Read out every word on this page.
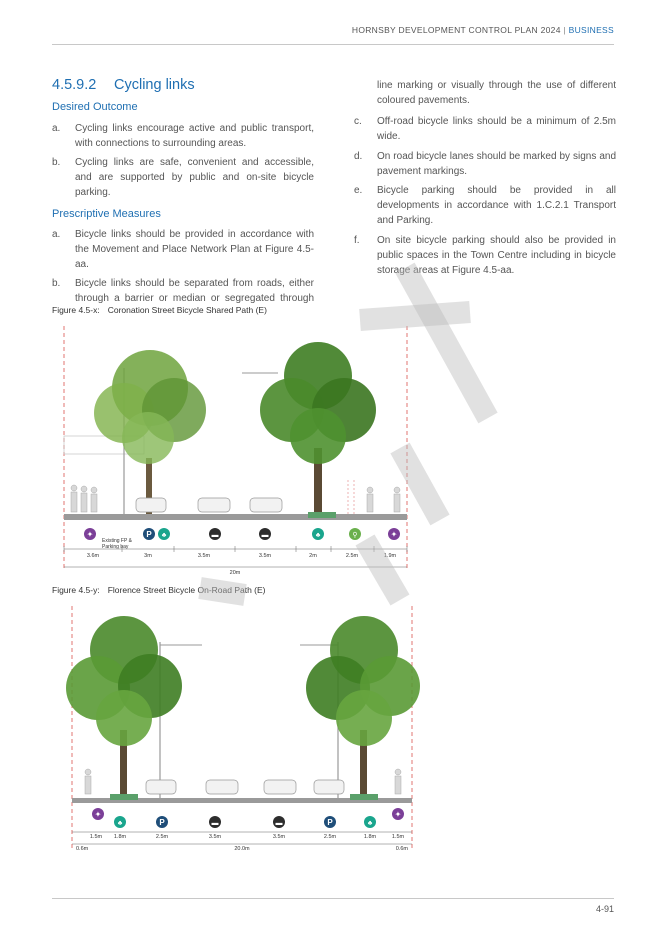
HORNSBY DEVELOPMENT CONTROL PLAN 2024 | BUSINESS
4.5.9.2 Cycling links
Desired Outcome
a. Cycling links encourage active and public transport, with connections to surrounding areas.
b. Cycling links are safe, convenient and accessible, and are supported by public and on-site bicycle parking.
Prescriptive Measures
a. Bicycle links should be provided in accordance with the Movement and Place Network Plan at Figure 4.5-aa.
b. Bicycle links should be separated from roads, either through a barrier or median or segregated through
line marking or visually through the use of different coloured pavements.
c. Off-road bicycle links should be a minimum of 2.5m wide.
d. On road bicycle lanes should be marked by signs and pavement markings.
e. Bicycle parking should be provided in all developments in accordance with 1.C.2.1 Transport and Parking.
f. On site bicycle parking should also be provided in public spaces in the Town Centre including in bicycle storage areas at Figure 4.5-aa.
Figure 4.5-x: Coronation Street Bicycle Shared Path (E)
✦	P ♣	▬	▬	♣	⚲	✦
Existing FP &
Parking bay
3.6m	3m	3.5m	3.5m	2m	2.5m	1.9m
20m
Figure 4.5-y: Florence Street Bicycle On-Road Path (E)
✦
♣	P	▬	▬	P	♣
✦
1.5m 1.8m	2.5m	3.5m	3.5m	2.5m	1.8m	1.5m
0.6m	20.0m	0.6m
4-91
